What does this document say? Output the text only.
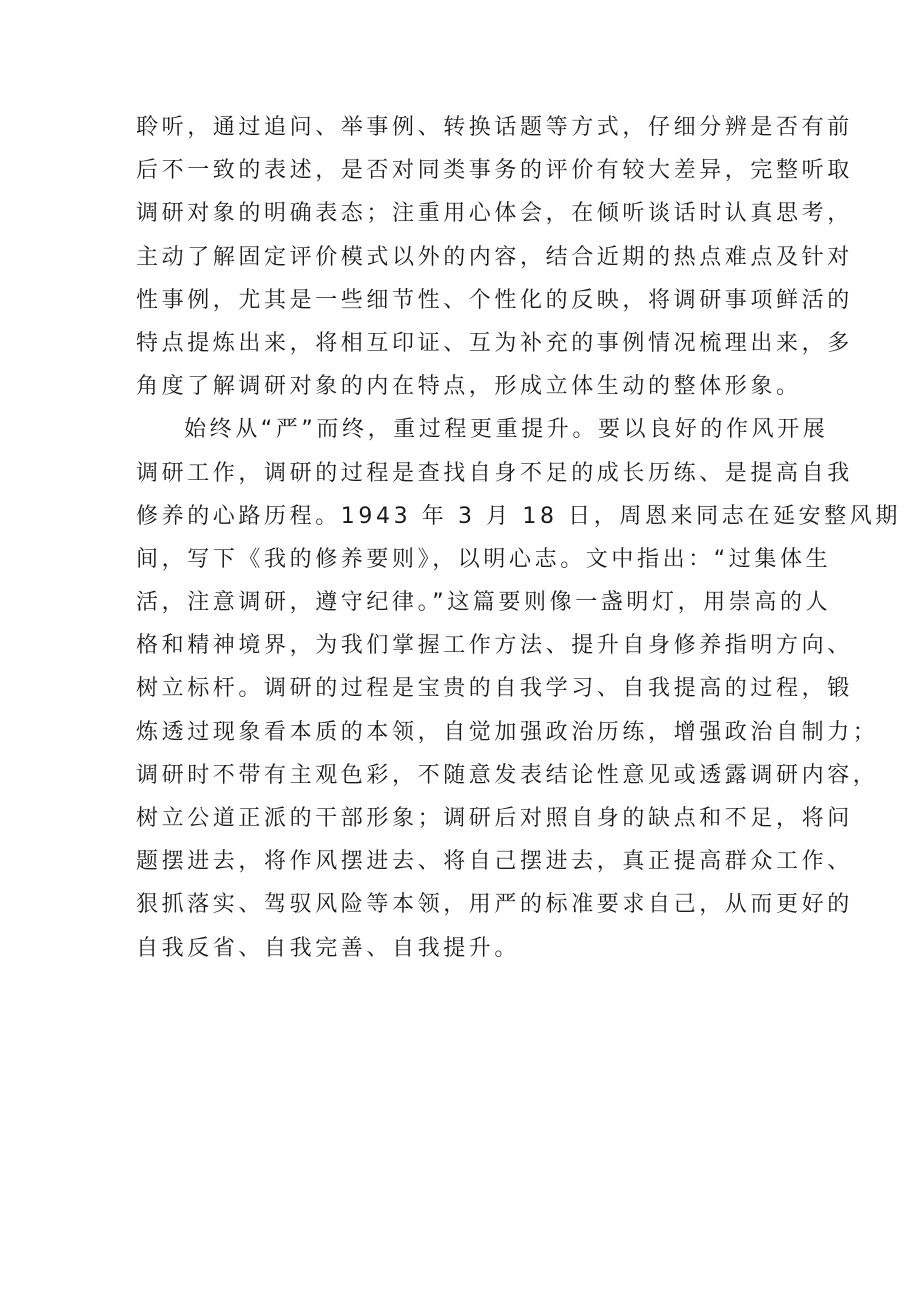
聆听，通过追问、举事例、转换话题等方式，仔细分辨是否有前
后不一致的表述，是否对同类事务的评价有较大差异，完整听取
调研对象的明确表态；注重用心体会，在倾听谈话时认真思考，
主动了解固定评价模式以外的内容，结合近期的热点难点及针对
性事例，尤其是一些细节性、个性化的反映，将调研事项鲜活的
特点提炼出来，将相互印证、互为补充的事例情况梳理出来，多
角度了解调研对象的内在特点，形成立体生动的整体形象。
始终从“严”而终，重过程更重提升。要以良好的作风开展
调研工作，调研的过程是查找自身不足的成长历练、是提高自我
修养的心路历程。1943 年 3 月 18 日，周恩来同志在延安整风期
间，写下《我的修养要则》，以明心志。文中指出：“过集体生
活，注意调研，遵守纪律。”这篇要则像一盏明灯，用崇高的人
格和精神境界，为我们掌握工作方法、提升自身修养指明方向、
树立标杆。调研的过程是宝贵的自我学习、自我提高的过程，锻
炼透过现象看本质的本领，自觉加强政治历练，增强政治自制力；
调研时不带有主观色彩，不随意发表结论性意见或透露调研内容，
树立公道正派的干部形象；调研后对照自身的缺点和不足，将问
题摆进去，将作风摆进去、将自己摆进去，真正提高群众工作、
狠抓落实、驾驭风险等本领，用严的标准要求自己，从而更好的
自我反省、自我完善、自我提升。
